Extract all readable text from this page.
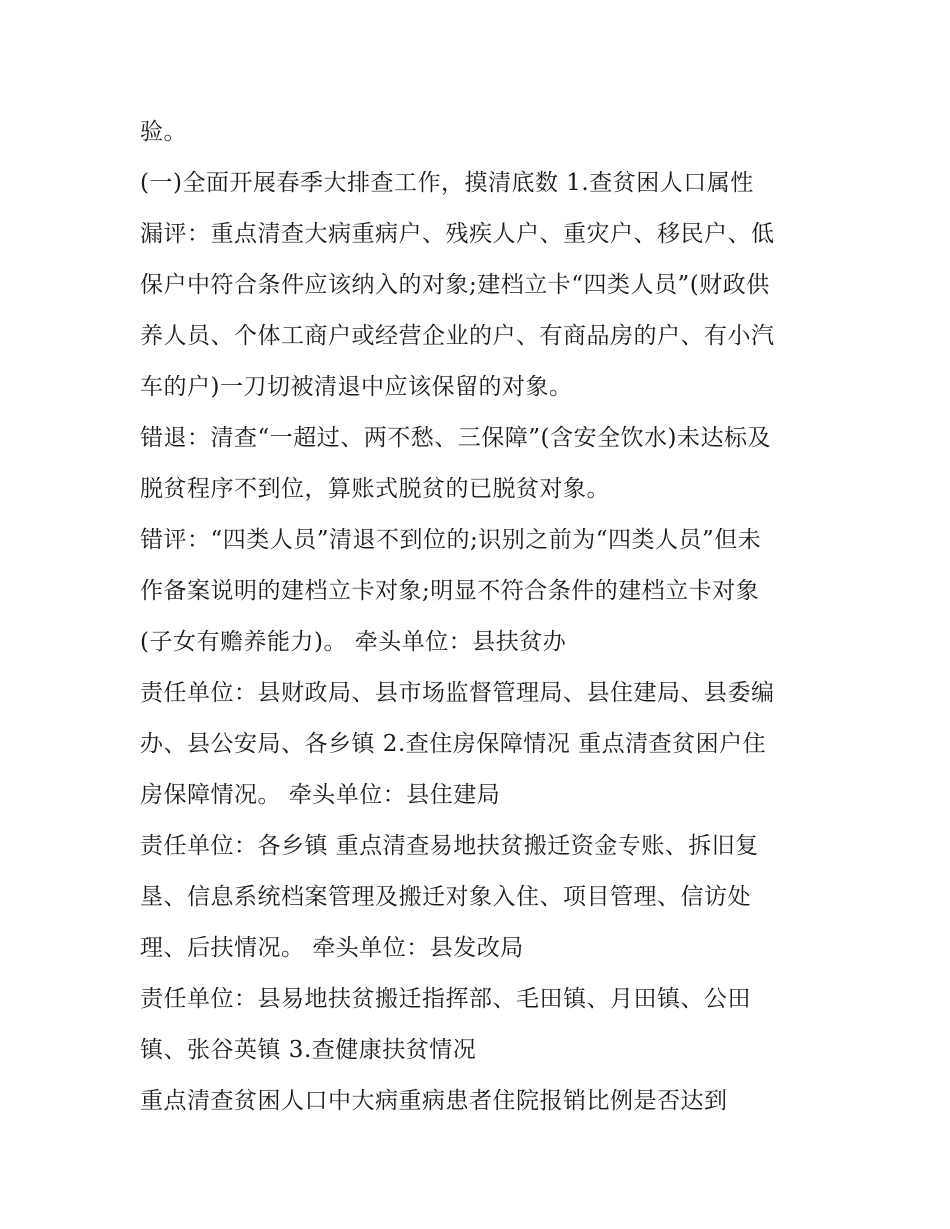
验。
(一)全面开展春季大排查工作，摸清底数 1.查贫困人口属性
漏评：重点清查大病重病户、残疾人户、重灾户、移民户、低
保户中符合条件应该纳入的对象;建档立卡“四类人员”(财政供
养人员、个体工商户或经营企业的户、有商品房的户、有小汽
车的户)一刀切被清退中应该保留的对象。
错退：清查“一超过、两不愁、三保障”(含安全饮水)未达标及
脱贫程序不到位，算账式脱贫的已脱贫对象。
错评：“四类人员”清退不到位的;识别之前为“四类人员”但未
作备案说明的建档立卡对象;明显不符合条件的建档立卡对象
(子女有赡养能力)。 牵头单位：县扶贫办
责任单位：县财政局、县市场监督管理局、县住建局、县委编
办、县公安局、各乡镇 2.查住房保障情况 重点清查贫困户住
房保障情况。 牵头单位：县住建局
责任单位：各乡镇 重点清查易地扶贫搬迁资金专账、拆旧复
垦、信息系统档案管理及搬迁对象入住、项目管理、信访处
理、后扶情况。 牵头单位：县发改局
责任单位：县易地扶贫搬迁指挥部、毛田镇、月田镇、公田
镇、张谷英镇 3.查健康扶贫情况
重点清查贫困人口中大病重病患者住院报销比例是否达到
